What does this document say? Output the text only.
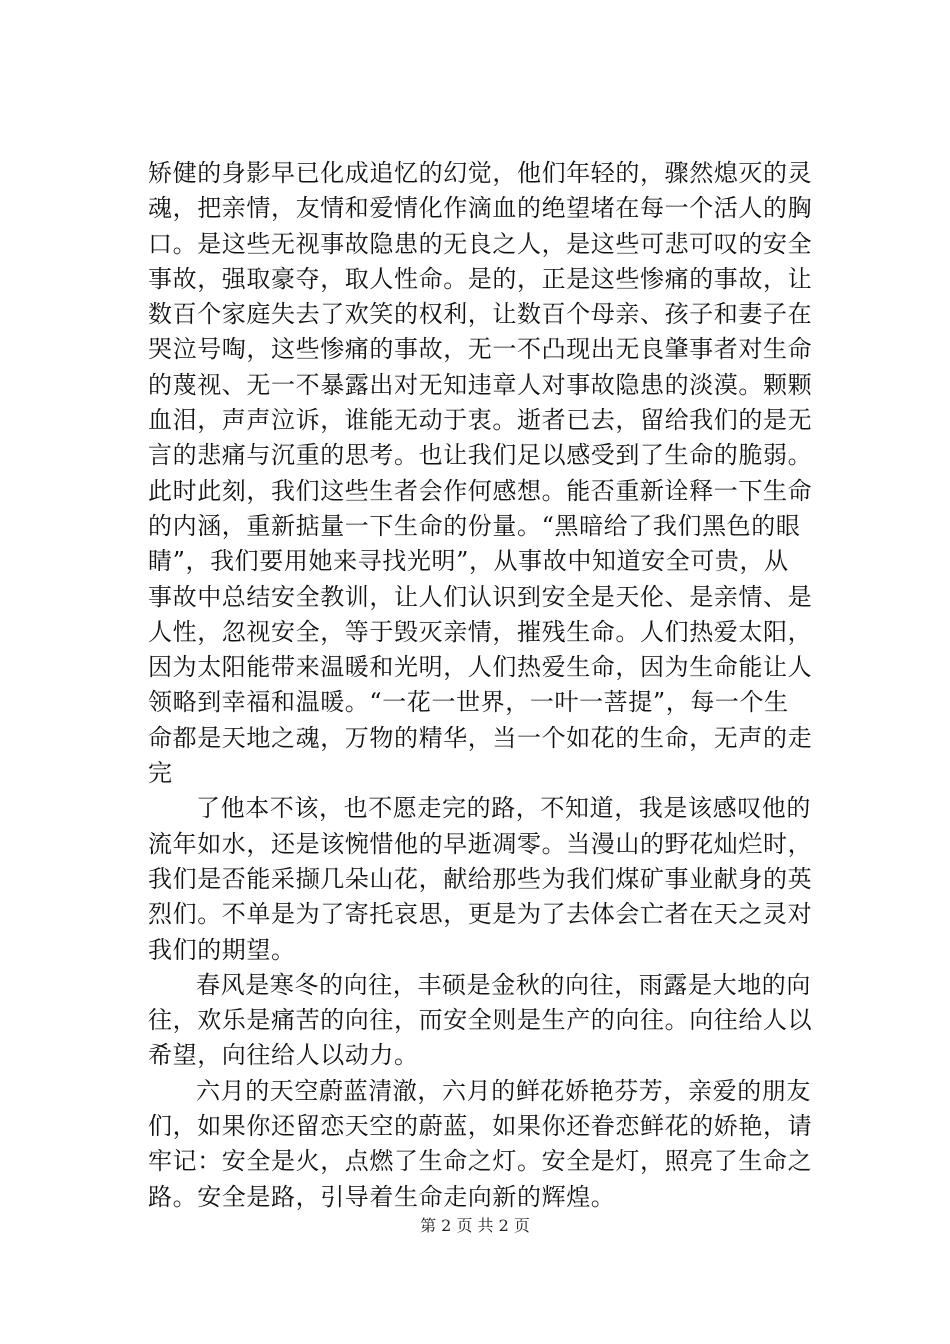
矫健的身影早已化成追忆的幻觉，他们年轻的，骤然熄灭的灵
魂，把亲情，友情和爱情化作滴血的绝望堵在每一个活人的胸
口。是这些无视事故隐患的无良之人，是这些可悲可叹的安全
事故，强取豪夺，取人性命。是的，正是这些惨痛的事故，让
数百个家庭失去了欢笑的权利，让数百个母亲、孩子和妻子在
哭泣号啕，这些惨痛的事故，无一不凸现出无良肇事者对生命
的蔑视、无一不暴露出对无知违章人对事故隐患的淡漠。颗颗
血泪，声声泣诉，谁能无动于衷。逝者已去，留给我们的是无
言的悲痛与沉重的思考。也让我们足以感受到了生命的脆弱。
此时此刻，我们这些生者会作何感想。能否重新诠释一下生命
的内涵，重新掂量一下生命的份量。“黑暗给了我们黑色的眼
睛”，我们要用她来寻找光明”，从事故中知道安全可贵，从
事故中总结安全教训，让人们认识到安全是天伦、是亲情、是
人性，忽视安全，等于毁灭亲情，摧残生命。人们热爱太阳，
因为太阳能带来温暖和光明，人们热爱生命，因为生命能让人
领略到幸福和温暖。“一花一世界，一叶一菩提”，每一个生
命都是天地之魂，万物的精华，当一个如花的生命，无声的走
完
了他本不该，也不愿走完的路，不知道，我是该感叹他的
流年如水，还是该惋惜他的早逝凋零。当漫山的野花灿烂时，
我们是否能采撷几朵山花，献给那些为我们煤矿事业献身的英
烈们。不单是为了寄托哀思，更是为了去体会亡者在天之灵对
我们的期望。
春风是寒冬的向往，丰硕是金秋的向往，雨露是大地的向
往，欢乐是痛苦的向往，而安全则是生产的向往。向往给人以
希望，向往给人以动力。
六月的天空蔚蓝清澈，六月的鲜花娇艳芬芳，亲爱的朋友
们，如果你还留恋天空的蔚蓝，如果你还眷恋鲜花的娇艳，请
牢记：安全是火，点燃了生命之灯。安全是灯，照亮了生命之
路。安全是路，引导着生命走向新的辉煌。
第 2 页 共 2 页
